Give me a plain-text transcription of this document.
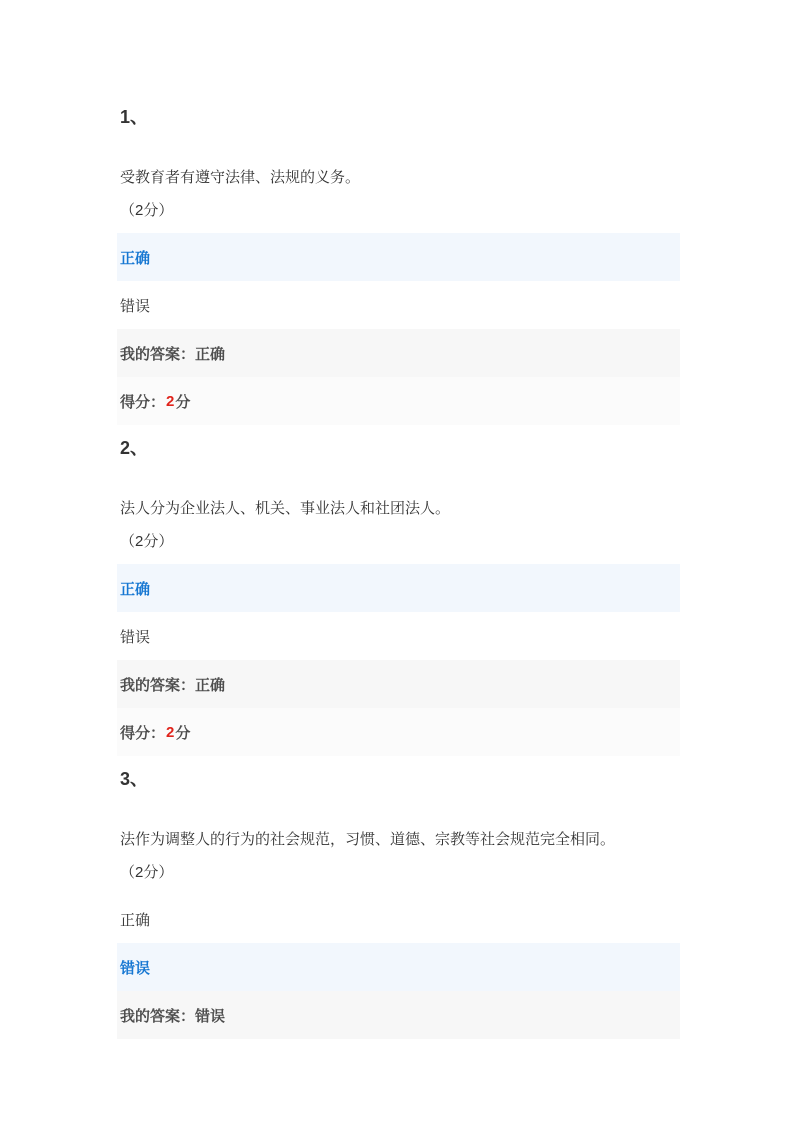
1、
受教育者有遵守法律、法规的义务。
（2分）
正确
错误
我的答案：正确
得分： 2 分
2、
法人分为企业法人、机关、事业法人和社团法人。
（2分）
正确
错误
我的答案：正确
得分： 2 分
3、
法作为调整人的行为的社会规范，习惯、道德、宗教等社会规范完全相同。
（2分）
正确
错误
我的答案：错误
